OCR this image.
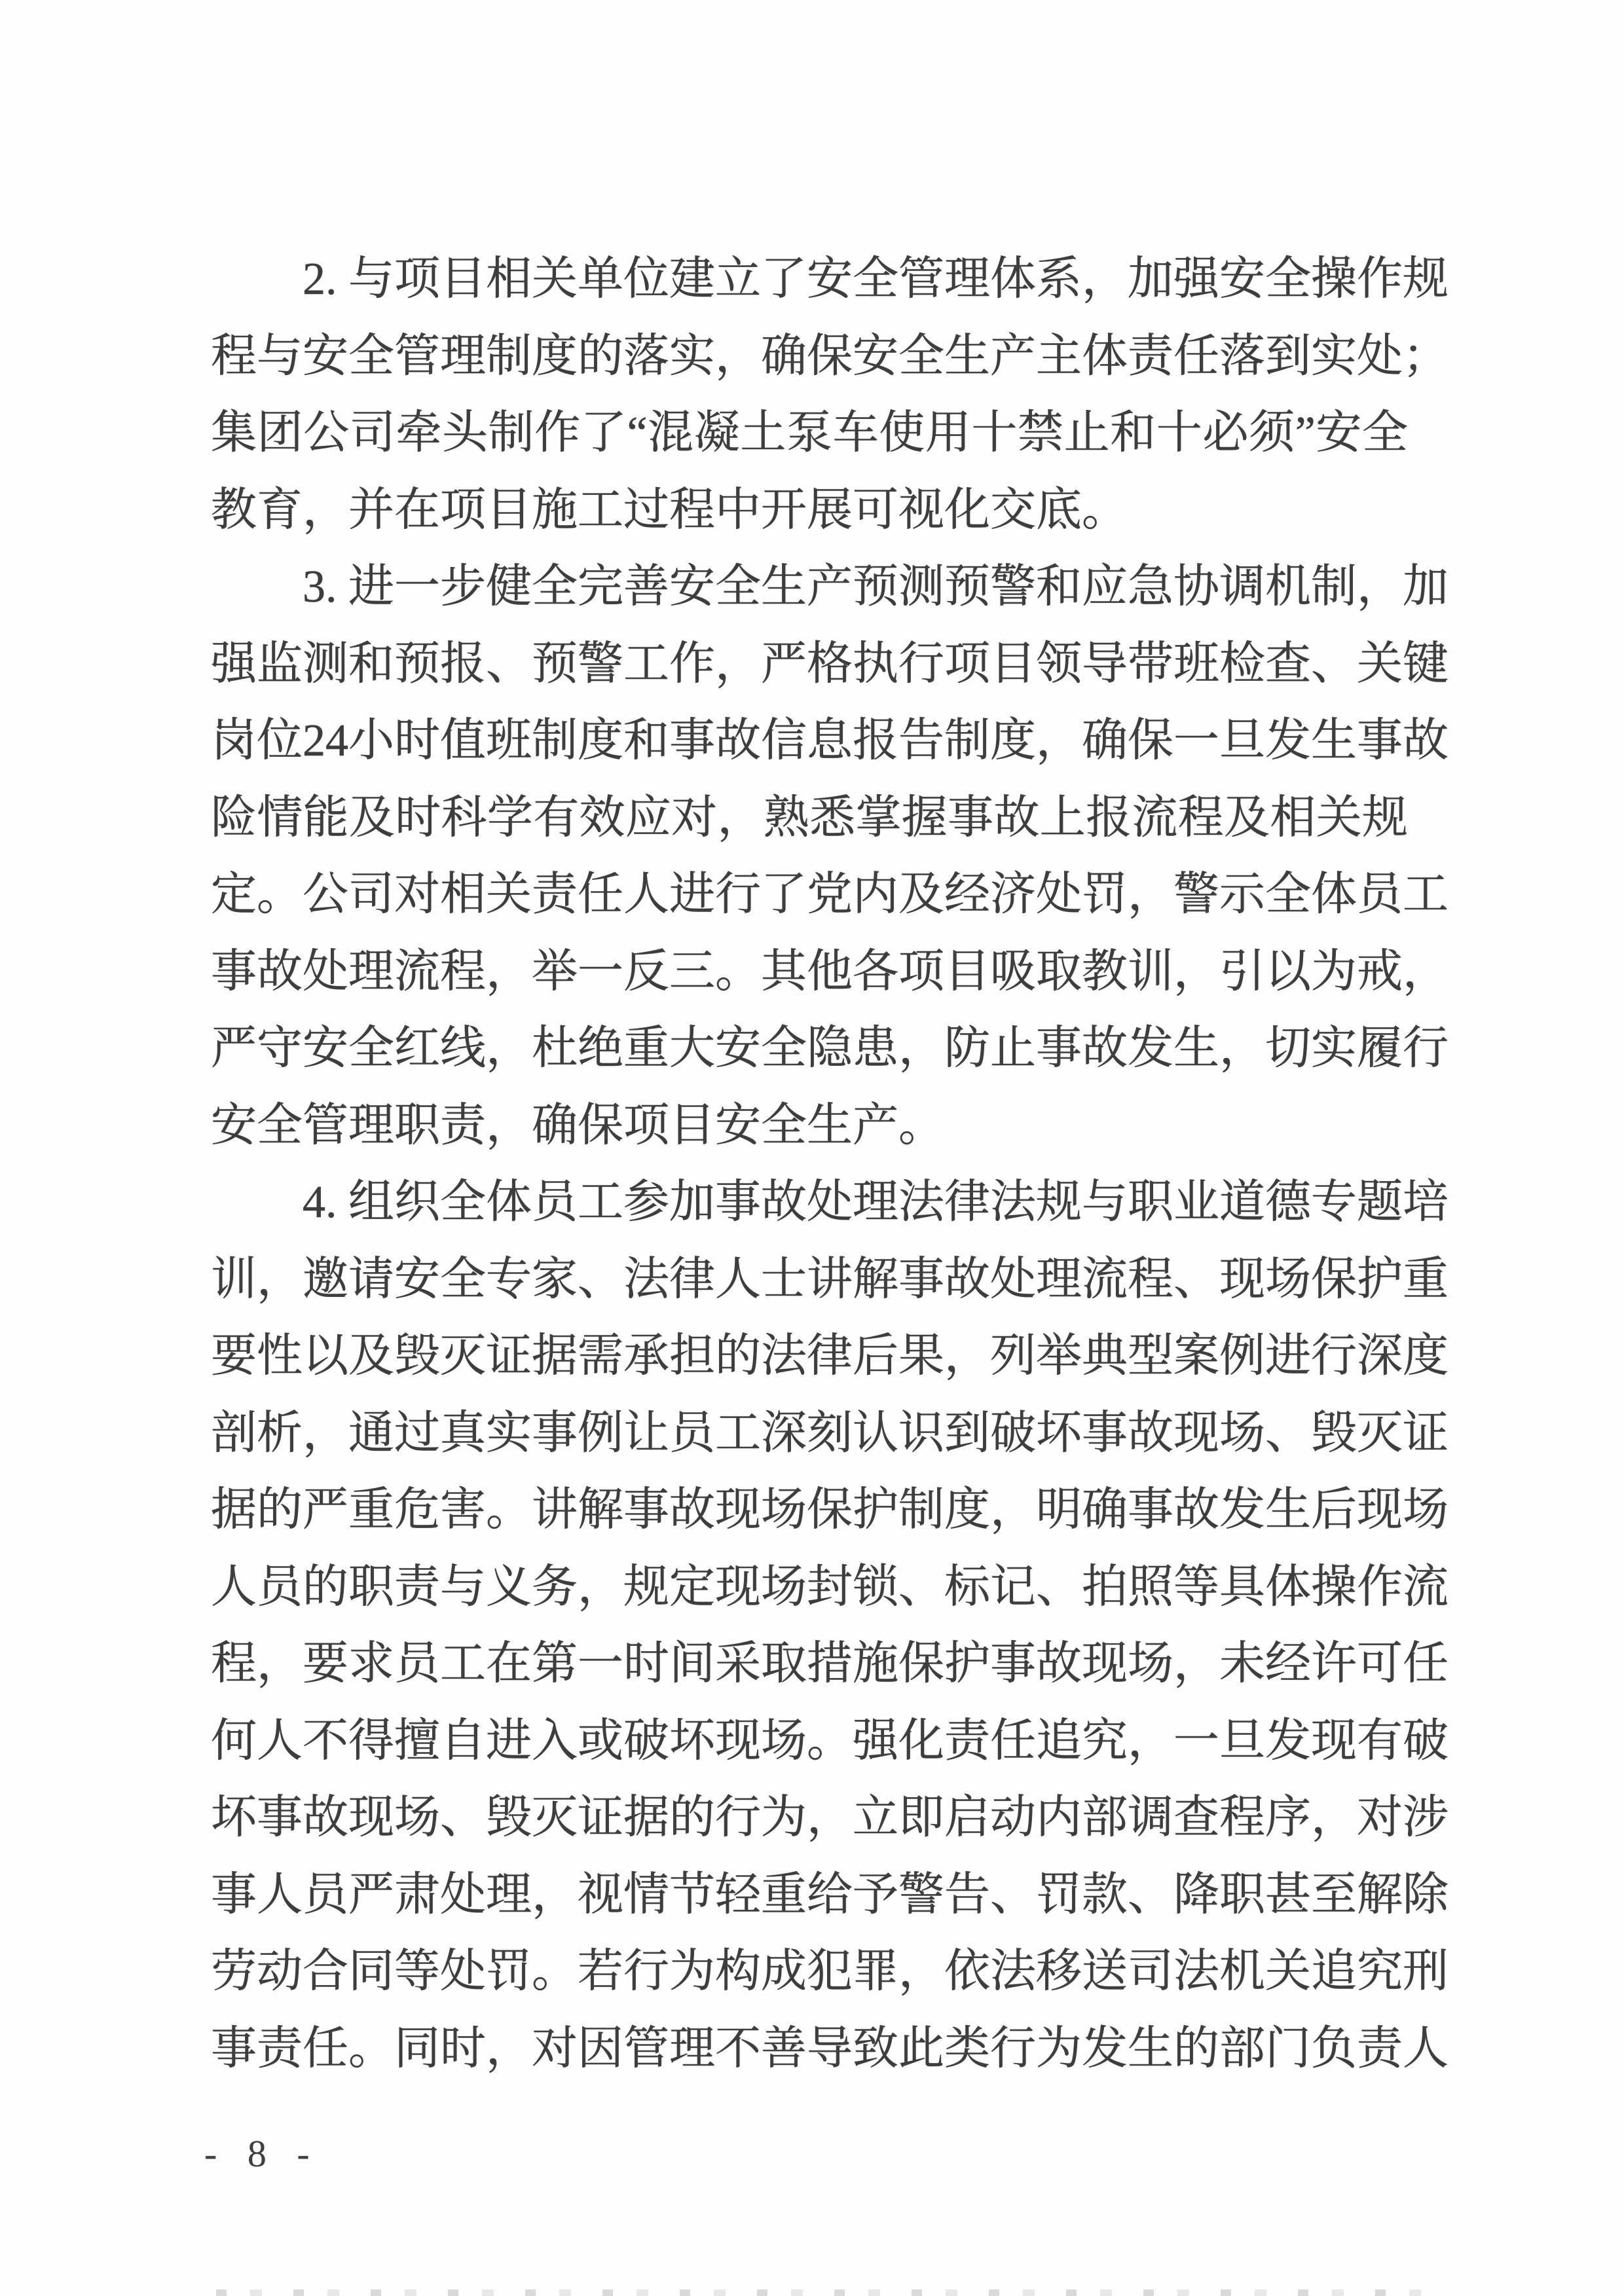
2. 与项目相关单位建立了安全管理体系，加强安全操作规
程与安全管理制度的落实，确保安全生产主体责任落到实处；
集团公司牵头制作了“混凝土泵车使用十禁止和十必须”安全
教育，并在项目施工过程中开展可视化交底。
3. 进一步健全完善安全生产预测预警和应急协调机制，加
强监测和预报、预警工作，严格执行项目领导带班检查、关键
岗位24小时值班制度和事故信息报告制度，确保一旦发生事故
险情能及时科学有效应对，熟悉掌握事故上报流程及相关规
定。公司对相关责任人进行了党内及经济处罚，警示全体员工
事故处理流程，举一反三。其他各项目吸取教训，引以为戒，
严守安全红线，杜绝重大安全隐患，防止事故发生，切实履行
安全管理职责，确保项目安全生产。
4. 组织全体员工参加事故处理法律法规与职业道德专题培
训，邀请安全专家、法律人士讲解事故处理流程、现场保护重
要性以及毁灭证据需承担的法律后果，列举典型案例进行深度
剖析，通过真实事例让员工深刻认识到破坏事故现场、毁灭证
据的严重危害。讲解事故现场保护制度，明确事故发生后现场
人员的职责与义务，规定现场封锁、标记、拍照等具体操作流
程，要求员工在第一时间采取措施保护事故现场，未经许可任
何人不得擅自进入或破坏现场。强化责任追究，一旦发现有破
坏事故现场、毁灭证据的行为，立即启动内部调查程序，对涉
事人员严肃处理，视情节轻重给予警告、罚款、降职甚至解除
劳动合同等处罚。若行为构成犯罪，依法移送司法机关追究刑
事责任。同时，对因管理不善导致此类行为发生的部门负责人
- 8 -
